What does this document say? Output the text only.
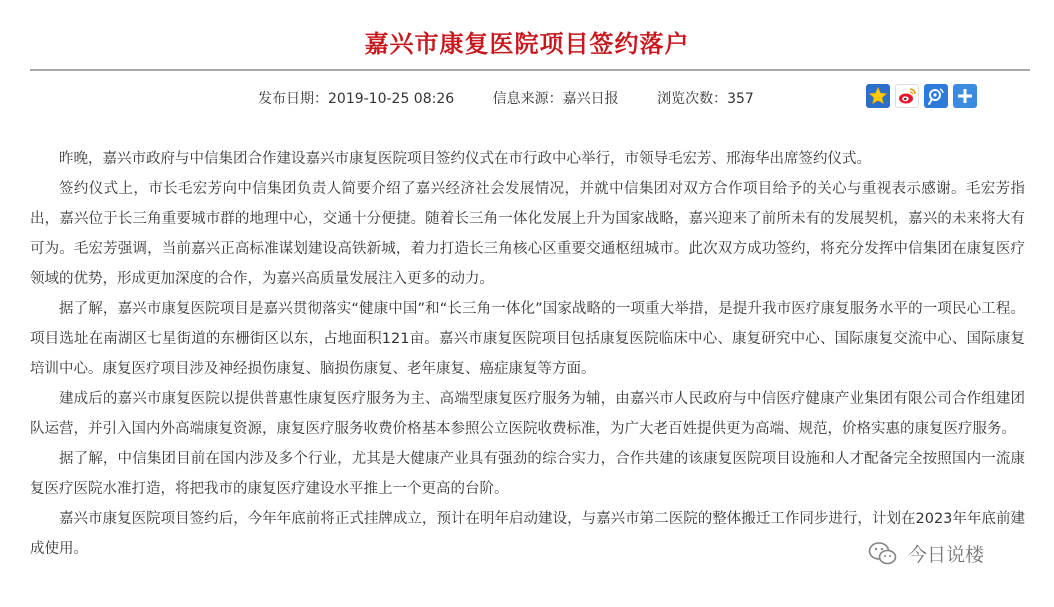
嘉兴市康复医院项目签约落户
发布日期：2019-10-25 08:26	信息来源：嘉兴日报	浏览次数：357

昨晚，嘉兴市政府与中信集团合作建设嘉兴市康复医院项目签约仪式在市行政中心举行，市领导毛宏芳、邢海华出席签约仪式。

签约仪式上，市长毛宏芳向中信集团负责人简要介绍了嘉兴经济社会发展情况，并就中信集团对双方合作项目给予的关心与重视表示感谢。毛宏芳指出，嘉兴位于长三角重要城市群的地理中心，交通十分便捷。随着长三角一体化发展上升为国家战略，嘉兴迎来了前所未有的发展契机，嘉兴的未来将大有可为。毛宏芳强调，当前嘉兴正高标准谋划建设高铁新城，着力打造长三角核心区重要交通枢纽城市。此次双方成功签约，将充分发挥中信集团在康复医疗领域的优势，形成更加深度的合作，为嘉兴高质量发展注入更多的动力。

据了解，嘉兴市康复医院项目是嘉兴贯彻落实“健康中国”和“长三角一体化”国家战略的一项重大举措，是提升我市医疗康复服务水平的一项民心工程。项目选址在南湖区七星街道的东栅街区以东，占地面积121亩。嘉兴市康复医院项目包括康复医院临床中心、康复研究中心、国际康复交流中心、国际康复培训中心。康复医疗项目涉及神经损伤康复、脑损伤康复、老年康复、癌症康复等方面。

建成后的嘉兴市康复医院以提供普惠性康复医疗服务为主、高端型康复医疗服务为辅，由嘉兴市人民政府与中信医疗健康产业集团有限公司合作组建团队运营，并引入国内外高端康复资源，康复医疗服务收费价格基本参照公立医院收费标准，为广大老百姓提供更为高端、规范，价格实惠的康复医疗服务。

据了解，中信集团目前在国内涉及多个行业，尤其是大健康产业具有强劲的综合实力，合作共建的该康复医院项目设施和人才配备完全按照国内一流康复医疗医院水准打造，将把我市的康复医疗建设水平推上一个更高的台阶。

嘉兴市康复医院项目签约后，今年年底前将正式挂牌成立，预计在明年启动建设，与嘉兴市第二医院的整体搬迁工作同步进行，计划在2023年年底前建成使用。	今日说楼
